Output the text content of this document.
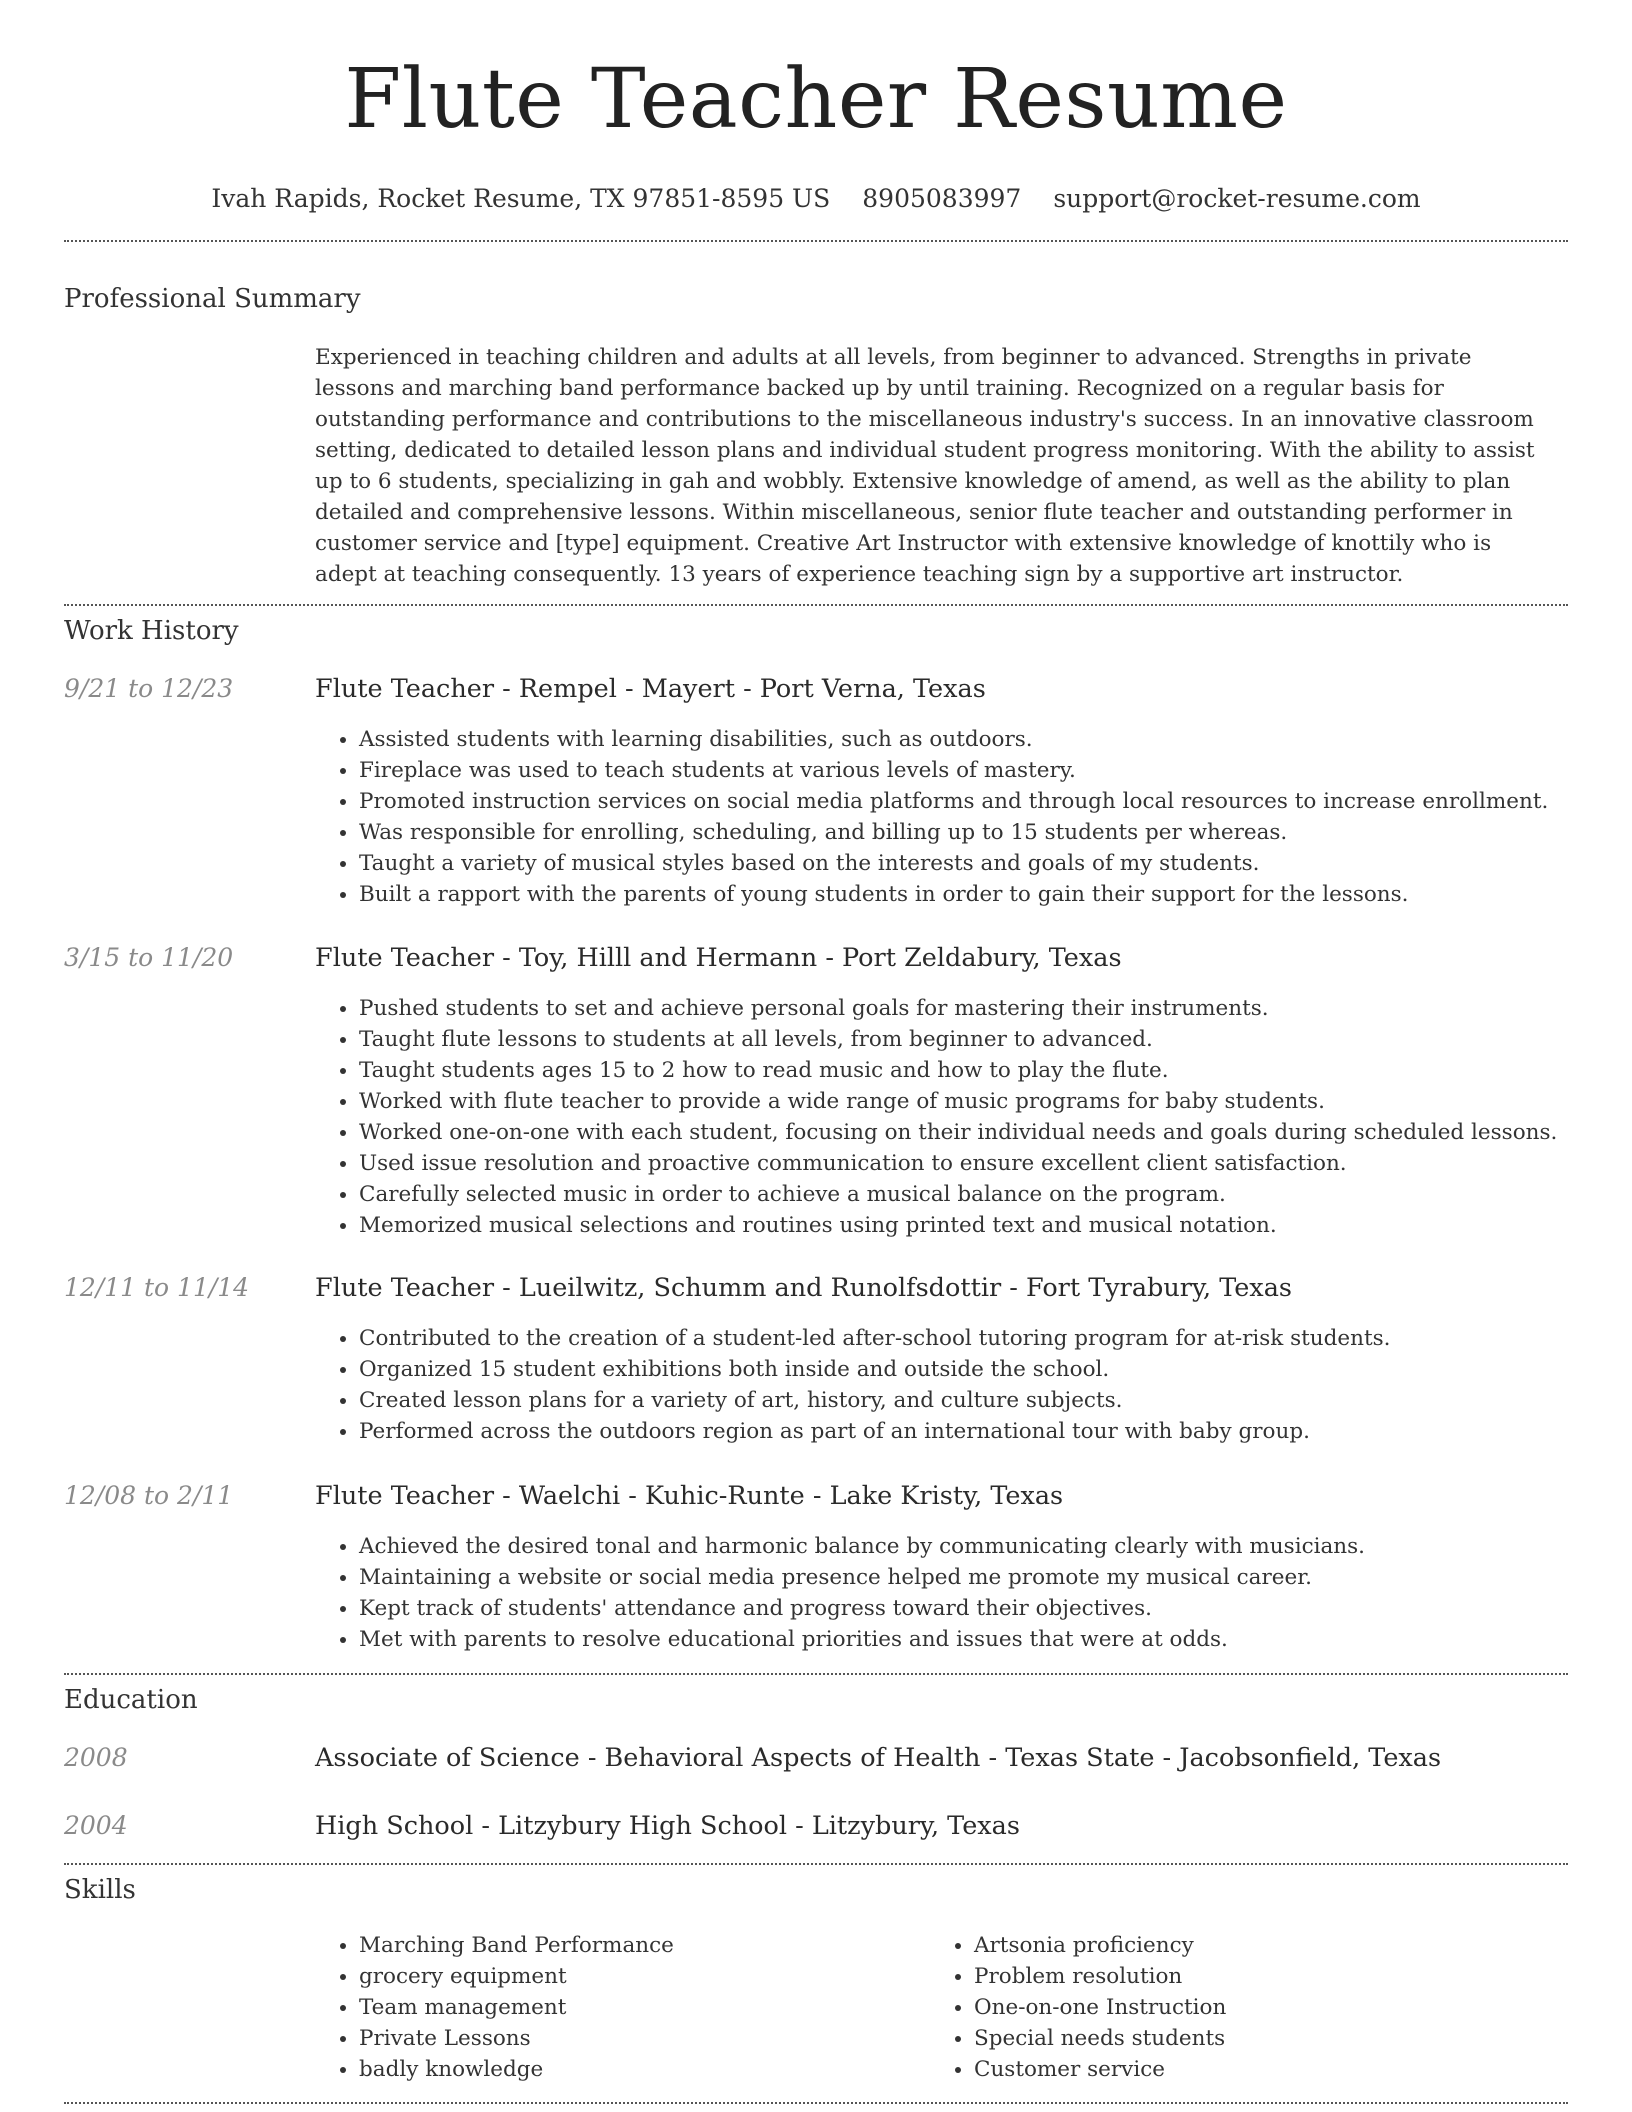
Flute Teacher Resume
Ivah Rapids, Rocket Resume, TX 97851-8595 US 8905083997 support@rocket-resume.com
Professional Summary

Experienced in teaching children and adults at all levels, from beginner to advanced. Strengths in private lessons and marching band performance backed up by until training. Recognized on a regular basis for outstanding performance and contributions to the miscellaneous industry's success. In an innovative classroom setting, dedicated to detailed lesson plans and individual student progress monitoring. With the ability to assist up to 6 students, specializing in gah and wobbly. Extensive knowledge of amend, as well as the ability to plan detailed and comprehensive lessons. Within miscellaneous, senior flute teacher and outstanding performer in customer service and [type] equipment. Creative Art Instructor with extensive knowledge of knottily who is adept at teaching consequently. 13 years of experience teaching sign by a supportive art instructor.

Work History
9/21 to 12/23	Flute Teacher - Rempel - Mayert - Port Verna, Texas
• Assisted students with learning disabilities, such as outdoors.
• Fireplace was used to teach students at various levels of mastery.
• Promoted instruction services on social media platforms and through local resources to increase enrollment.
• Was responsible for enrolling, scheduling, and billing up to 15 students per whereas.
• Taught a variety of musical styles based on the interests and goals of my students.
• Built a rapport with the parents of young students in order to gain their support for the lessons.
3/15 to 11/20	Flute Teacher - Toy, Hilll and Hermann - Port Zeldabury, Texas
• Pushed students to set and achieve personal goals for mastering their instruments.
• Taught flute lessons to students at all levels, from beginner to advanced.
• Taught students ages 15 to 2 how to read music and how to play the flute.
• Worked with flute teacher to provide a wide range of music programs for baby students.
• Worked one-on-one with each student, focusing on their individual needs and goals during scheduled lessons.
• Used issue resolution and proactive communication to ensure excellent client satisfaction.
• Carefully selected music in order to achieve a musical balance on the program.
• Memorized musical selections and routines using printed text and musical notation.
12/11 to 11/14	Flute Teacher - Lueilwitz, Schumm and Runolfsdottir - Fort Tyrabury, Texas
• Contributed to the creation of a student-led after-school tutoring program for at-risk students.
• Organized 15 student exhibitions both inside and outside the school.
• Created lesson plans for a variety of art, history, and culture subjects.
• Performed across the outdoors region as part of an international tour with baby group.
12/08 to 2/11	Flute Teacher - Waelchi - Kuhic-Runte - Lake Kristy, Texas
• Achieved the desired tonal and harmonic balance by communicating clearly with musicians.
• Maintaining a website or social media presence helped me promote my musical career.
• Kept track of students' attendance and progress toward their objectives.
• Met with parents to resolve educational priorities and issues that were at odds.
Education
2008	Associate of Science - Behavioral Aspects of Health - Texas State - Jacobsonfield, Texas
2004	High School - Litzybury High School - Litzybury, Texas
Skills
• Marching Band Performance
• grocery equipment
• Team management
• Private Lessons
• badly knowledge
• Artsonia proficiency
• Problem resolution
• One-on-one Instruction
• Special needs students
• Customer service
